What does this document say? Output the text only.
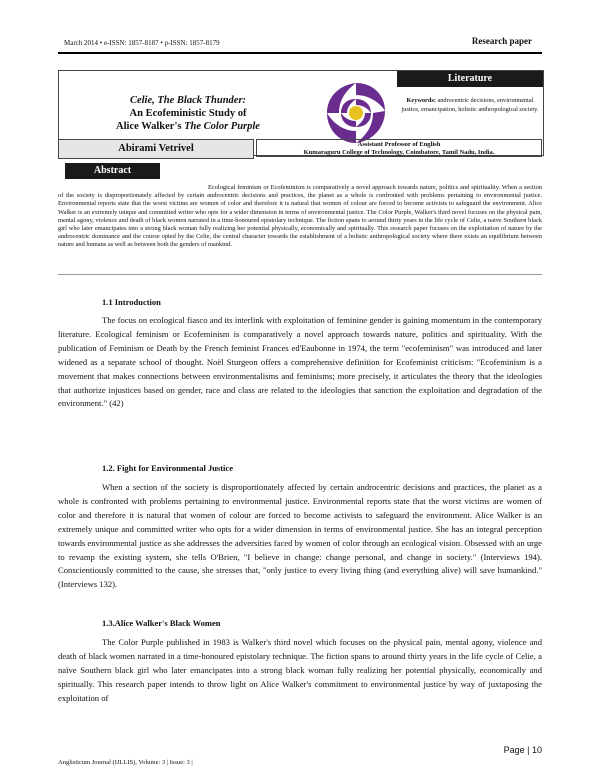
March 2014 • e-ISSN: 1857-8187 • p-ISSN: 1857-8179	Research paper
Celie, The Black Thunder:
An Ecofeministic Study of
Alice Walker's The Color Purple
Literature
Keywords: androcentric decisions, environmental justice, emancipation, holistic anthropological society.
Abirami Vetrivel	Assistant Professor of English
Kumaraguru College of Technology, Coimbatore, Tamil Nadu, India.
Abstract
Ecological feminism or Ecofeminism is comparatively a novel approach towards nature, politics and spirituality. When a section of the society is disproportionately affected by certain androcentric decisions and practices, the planet as a whole is confronted with problems pertaining to environmental justice. Environmental reports state that the worst victims are women of color and therefore it is natural that women of colour are forced to become activists to safeguard the environment. Alice Walker is an extremely unique and committed writer who opts for a wider dimension in terms of environmental justice. The Color Purple, Walker's third novel focuses on the physical pain, mental agony, violence and death of black women narrated in a time-honoured epistolary technique. The fiction spans to around thirty years in the life cycle of Celie, a naive Southern black girl who later emancipates into a strong black woman fully realizing her potential physically, economically and spiritually. This research paper focuses on the exploitation of nature by the androcentric dominance and the course opted by the Celie, the central character towards the establishment of a holistic anthropological society where there exists an equilibrium between nature and humans as well as between both the genders of mankind.
1.1 Introduction
The focus on ecological fiasco and its interlink with exploitation of feminine gender is gaining momentum in the contemporary literature. Ecological feminism or Ecofeminism is comparatively a novel approach towards nature, politics and spirituality. With the publication of Feminism or Death by the French feminist Frances ed'Eaubonne in 1974, the term "ecofeminism" was introduced and later widened as a separate school of thought. Noël Sturgeon offers a comprehensive definition for Ecofeminist criticism: "Ecofeminism is a movement that makes connections between environmentalisms and feminisms; more precisely, it articulates the theory that the ideologies that authorize injustices based on gender, race and class are related to the ideologies that sanction the exploitation and degradation of the environment." (42)
1.2. Fight for Environmental Justice
When a section of the society is disproportionately affected by certain androcentric decisions and practices, the planet as a whole is confronted with problems pertaining to environmental justice. Environmental reports state that the worst victims are women of color and therefore it is natural that women of colour are forced to become activists to safeguard the environment. Alice Walker is an extremely unique and committed writer who opts for a wider dimension in terms of environmental justice. She has an integral perception towards environmental justice as she addresses the adversities faced by women of color through an ecological vision. Obsessed with an urge to revamp the existing system, she tells O'Brien, "I believe in change: change personal, and change in society." (Interviews 194). Conscientiously committed to the cause, she stresses that, "only justice to every living thing (and everything alive) will save humankind." (Interviews 132).
1.3.Alice Walker's Black Women
The Color Purple published in 1983 is Walker's third novel which focuses on the physical pain, mental agony, violence and death of black women narrated in a time-honoured epistolary technique. The fiction spans to around thirty years in the life cycle of Celie, a naïve Southern black girl who later emancipates into a strong black woman fully realizing her potential physically, economically and spiritually. This research paper intends to throw light on Alice Walker's commitment to environmental justice by way of juxtaposing the exploitation of
Page | 10
Anglisticum Journal (IJLLIS), Volume: 3 | Issue: 3 |
